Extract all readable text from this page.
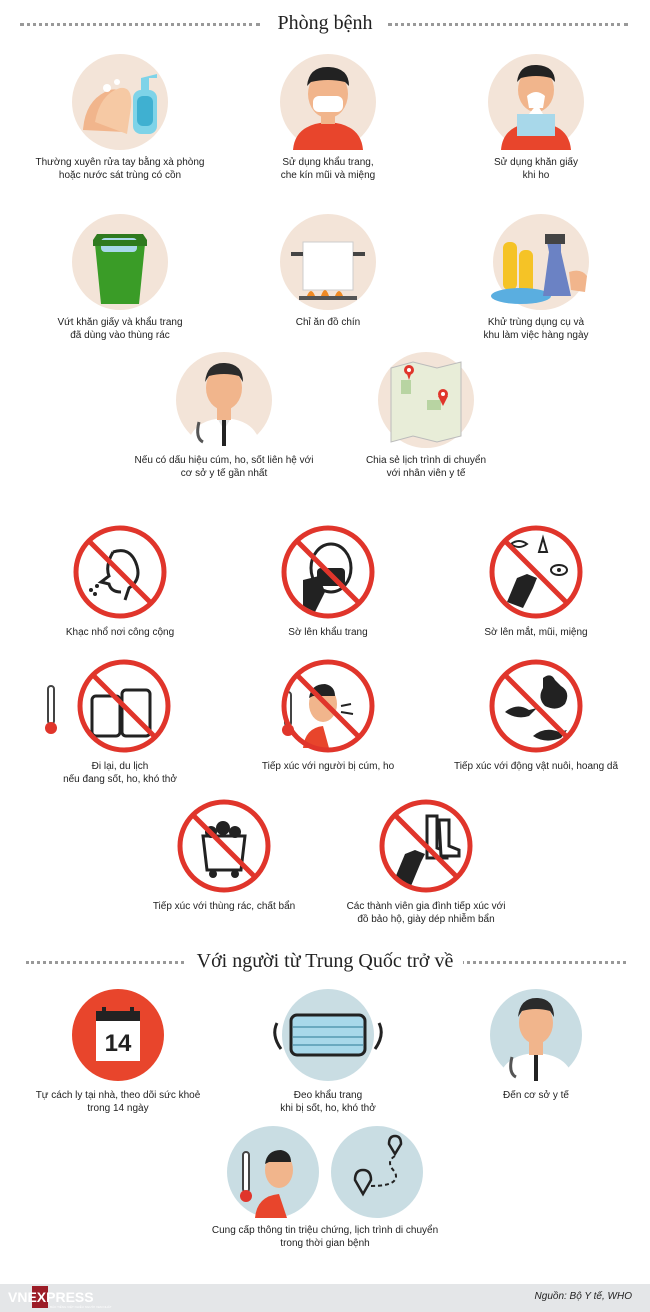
Phòng bệnh
Thường xuyên rửa tay bằng xà phòng
hoặc nước sát trùng có cồn
Sử dụng khẩu trang,
che kín mũi và miệng
Sử dụng khăn giấy
khi ho
Vứt khăn giấy và khẩu trang
đã dùng vào thùng rác
Chỉ ăn đồ chín	Khử trùng dụng cụ và
khu làm việc hàng ngày
Nếu có dấu hiệu cúm, ho, sốt liên hệ với
cơ sở y tế gần nhất
Chia sẻ lịch trình di chuyển
với nhân viên y tế
Khạc nhổ nơi công cộng	Sờ lên khẩu trang	Sờ lên mắt, mũi, miệng
Đi lại, du lịch
nếu đang sốt, ho, khó thở
Tiếp xúc với người bị cúm, ho	Tiếp xúc với động vật nuôi, hoang dã
Tiếp xúc với thùng rác, chất bẩn	Các thành viên gia đình tiếp xúc với
đồ bảo hộ, giày dép nhiễm bẩn
Với người từ Trung Quốc trở về
14
Tự cách ly tại nhà, theo dõi sức khoẻ
trong 14 ngày
Đeo khẩu trang
khi bị sốt, ho, khó thở
Đến cơ sở y tế
Cung cấp thông tin triệu chứng, lịch trình di chuyển
trong thời gian bệnh
VNEXPRESS
BÁO TIẾNG VIỆT NHIỀU NGƯỜI XEM NHẤT
Nguồn: Bộ Y tế, WHO
